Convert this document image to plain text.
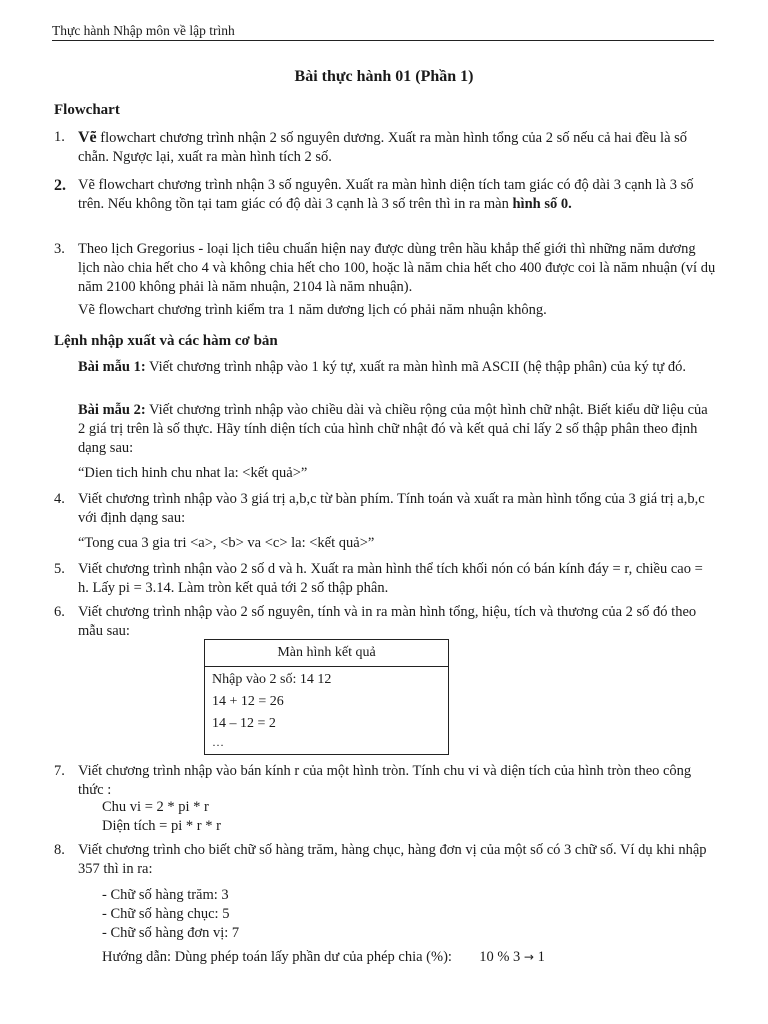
Thực hành Nhập môn về lập trình
Bài thực hành 01 (Phần 1)
Flowchart
1. Vẽ flowchart chương trình nhận 2 số nguyên dương. Xuất ra màn hình tổng của 2 số nếu cả hai đều là số chẵn. Ngược lại, xuất ra màn hình tích 2 số.
2. Vẽ flowchart chương trình nhận 3 số nguyên. Xuất ra màn hình diện tích tam giác có độ dài 3 cạnh là 3 số trên. Nếu không tồn tại tam giác có độ dài 3 cạnh là 3 số trên thì in ra màn hình số 0.
3. Theo lịch Gregorius - loại lịch tiêu chuẩn hiện nay được dùng trên hầu khắp thế giới thì những năm dương lịch nào chia hết cho 4 và không chia hết cho 100, hoặc là năm chia hết cho 400 được coi là năm nhuận (ví dụ năm 2100 không phải là năm nhuận, 2104 là năm nhuận).
Vẽ flowchart chương trình kiểm tra 1 năm dương lịch có phải năm nhuận không.
Lệnh nhập xuất và các hàm cơ bản
Bài mẫu 1: Viết chương trình nhập vào 1 ký tự, xuất ra màn hình mã ASCII (hệ thập phân) của ký tự đó.
Bài mẫu 2: Viết chương trình nhập vào chiều dài và chiều rộng của một hình chữ nhật. Biết kiểu dữ liệu của 2 giá trị trên là số thực. Hãy tính diện tích của hình chữ nhật đó và kết quả chỉ lấy 2 số thập phân theo định dạng sau:
“Dien tich hinh chu nhat la: <kết quả>”
4. Viết chương trình nhập vào 3 giá trị a,b,c từ bàn phím. Tính toán và xuất ra màn hình tổng của 3 giá trị a,b,c với định dạng sau:
“Tong cua 3 gia tri <a>, <b> va <c> la: <kết quả>”
5. Viết chương trình nhận vào 2 số d và h. Xuất ra màn hình thể tích khối nón có bán kính đáy = r, chiều cao = h. Lấy pi = 3.14. Làm tròn kết quả tới 2 số thập phân.
6. Viết chương trình nhập vào 2 số nguyên, tính và in ra màn hình tổng, hiệu, tích và thương của 2 số đó theo mẫu sau:
Màn hình kết quả
Nhập vào 2 số: 14 12
14 + 12 = 26
14 – 12 = 2
…
7. Viết chương trình nhập vào bán kính r của một hình tròn. Tính chu vi và diện tích của hình tròn theo công thức :
Chu vi = 2 * pi * r
Diện tích = pi * r * r
8. Viết chương trình cho biết chữ số hàng trăm, hàng chục, hàng đơn vị của một số có 3 chữ số. Ví dụ khi nhập 357 thì in ra:
- Chữ số hàng trăm: 3
- Chữ số hàng chục: 5
- Chữ số hàng đơn vị: 7
Hướng dẫn: Dùng phép toán lấy phần dư của phép chia (%): 10 % 3 → 1
